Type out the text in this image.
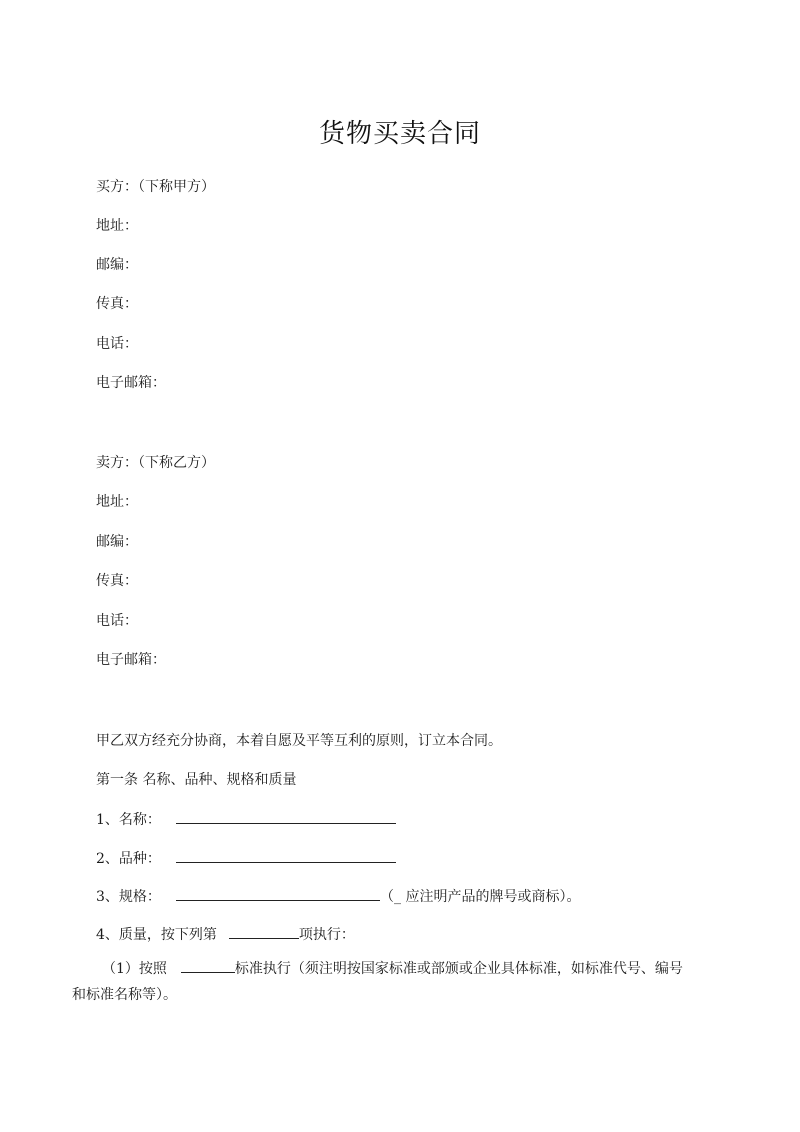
货物买卖合同
买方：（下称甲方）
地址：
邮编：
传真：
电话：
电子邮箱：
卖方：（下称乙方）
地址：
邮编：
传真：
电话：
电子邮箱：
甲乙双方经充分协商，本着自愿及平等互利的原则，订立本合同。
第一条 名称、品种、规格和质量
1、名称：
2、品种：
3、规格：	（_ 应注明产品的牌号或商标）。
4、质量，按下列第	项执行：
（1）按照	标准执行（须注明按国家标准或部颁或企业具体标准，如标准代号、编号和标准名称等）。
